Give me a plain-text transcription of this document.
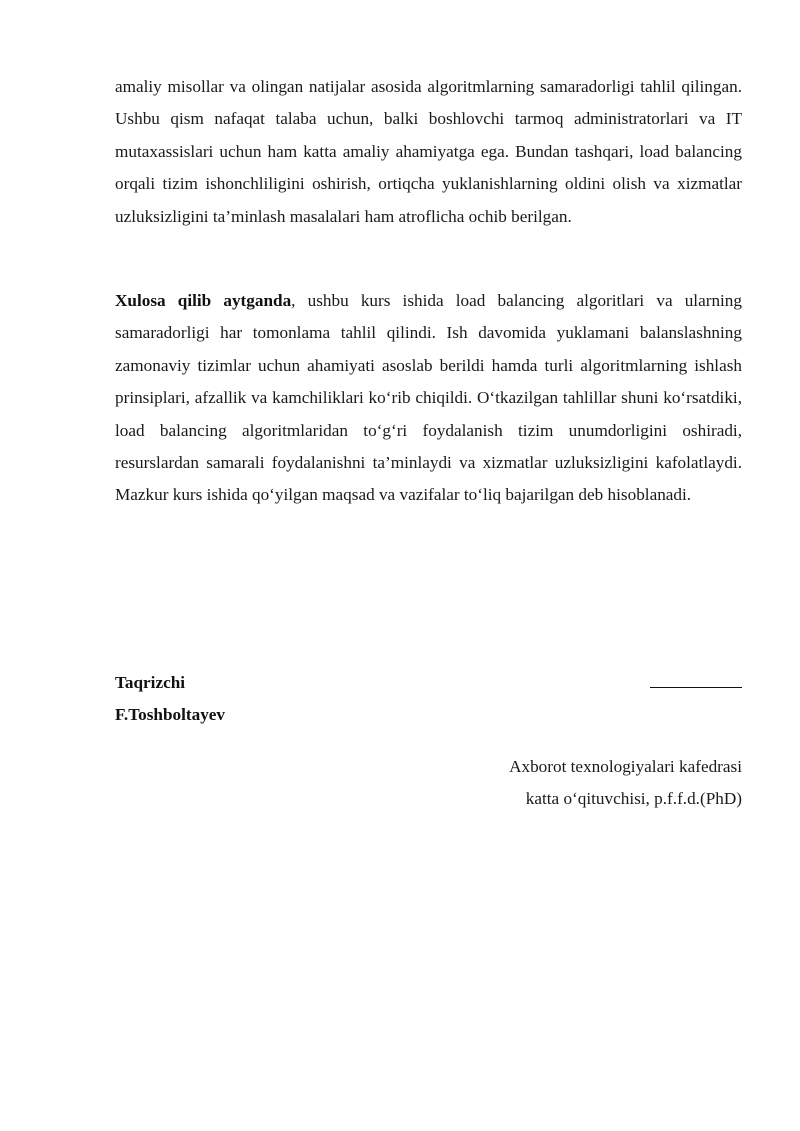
amaliy misollar va olingan natijalar asosida algoritmlarning samaradorligi tahlil qilingan. Ushbu qism nafaqat talaba uchun, balki boshlovchi tarmoq administratorlari va IT mutaxassislari uchun ham katta amaliy ahamiyatga ega. Bundan tashqari, load balancing orqali tizim ishonchliligini oshirish, ortiqcha yuklanishlarning oldini olish va xizmatlar uzluksizligini ta’minlash masalalari ham atroflicha ochib berilgan.

Xulosa qilib aytganda, ushbu kurs ishida load balancing algoritlari va ularning samaradorligi har tomonlama tahlil qilindi. Ish davomida yuklamani balanslashning zamonaviy tizimlar uchun ahamiyati asoslab berildi hamda turli algoritmlarning ishlash prinsiplari, afzallik va kamchiliklari ko‘rib chiqildi. O‘tkazilgan tahlillar shuni ko‘rsatdiki, load balancing algoritmlaridan to‘g‘ri foydalanish tizim unumdorligini oshiradi, resurslardan samarali foydalanishni ta’minlaydi va xizmatlar uzluksizligini kafolatlaydi. Mazkur kurs ishida qo‘yilgan maqsad va vazifalar to‘liq bajarilgan deb hisoblanadi.

Taqrizchi
F.Toshboltayev
Axborot texnologiyalari kafedrasi
katta o‘qituvchisi, p.f.f.d.(PhD)
